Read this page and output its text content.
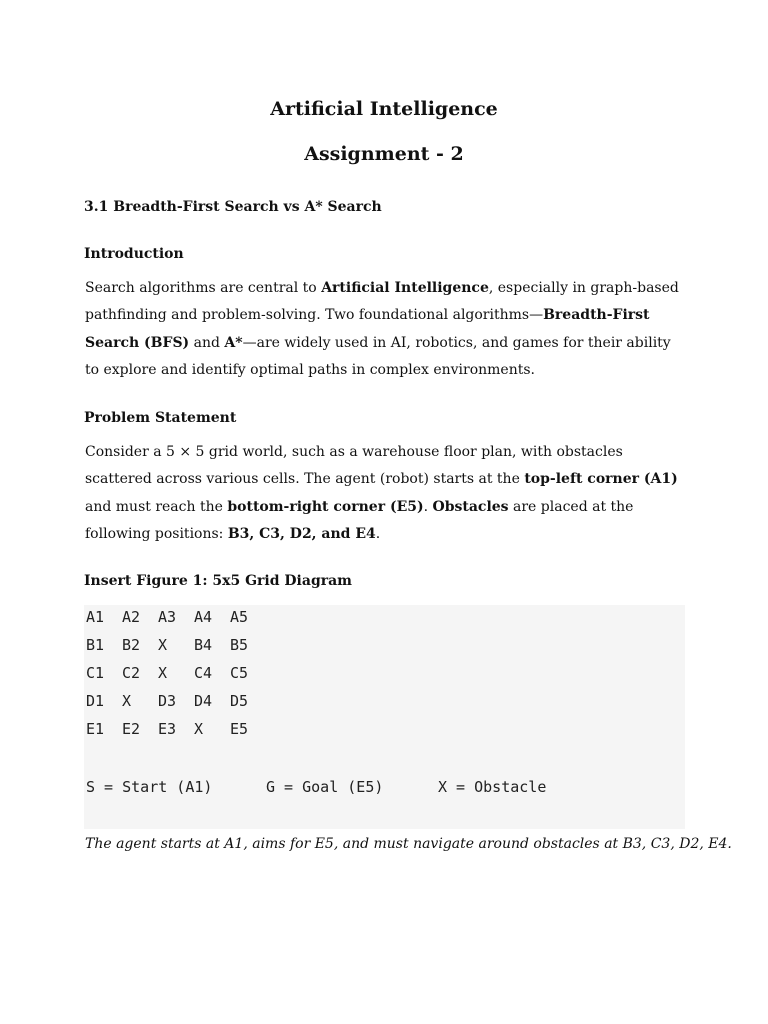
Artificial Intelligence
Assignment - 2
3.1 Breadth-First Search vs A* Search
Introduction

Search algorithms are central to Artificial Intelligence, especially in graph-based pathfinding and problem-solving. Two foundational algorithms—Breadth-First Search (BFS) and A*—are widely used in AI, robotics, and games for their ability to explore and identify optimal paths in complex environments.

Problem Statement

Consider a 5 × 5 grid world, such as a warehouse floor plan, with obstacles scattered across various cells. The agent (robot) starts at the top-left corner (A1) and must reach the bottom-right corner (E5). Obstacles are placed at the following positions: B3, C3, D2, and E4.

Insert Figure 1: 5x5 Grid Diagram
A1 A2 A3 A4 A5
B1 B2 X B4 B5
C1 C2 X C4 C5
D1 X D3 D4 D5
E1 E2 E3 X E5
S = Start (A1)	G = Goal (E5)	X = Obstacle

The agent starts at A1, aims for E5, and must navigate around obstacles at B3, C3, D2, E4.
